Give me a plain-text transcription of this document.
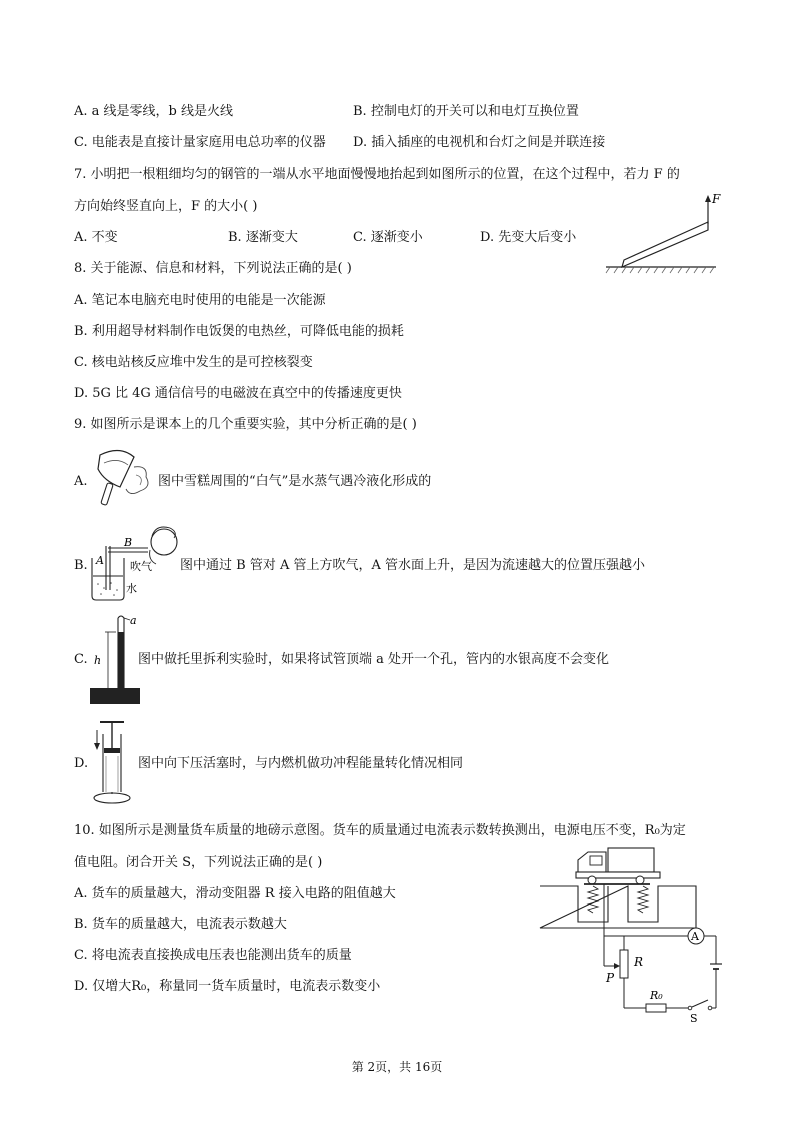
A. a 线是零线，b 线是火线	B. 控制电灯的开关可以和电灯互换位置
C. 电能表是直接计量家庭用电总功率的仪器 D. 插入插座的电视机和台灯之间是并联连接
7. 小明把一根粗细均匀的钢管的一端从水平地面慢慢地抬起到如图所示的位置，在这个过程中，若力 F 的
方向始终竖直向上，F 的大小( )
A. 不变	B. 逐渐变大	C. 逐渐变小	D. 先变大后变小
F
8. 关于能源、信息和材料，下列说法正确的是( )
A. 笔记本电脑充电时使用的电能是一次能源
B. 利用超导材料制作电饭煲的电热丝，可降低电能的损耗
C. 核电站核反应堆中发生的是可控核裂变
D. 5G 比 4G 通信信号的电磁波在真空中的传播速度更快
9. 如图所示是课本上的几个重要实验，其中分析正确的是( )
A.	图中雪糕周围的“白气”是水蒸气遇冷液化形成的
B. A
B
吹气
水
图中通过 B 管对 A 管上方吹气，A 管水面上升，是因为流速越大的位置压强越小
C. h
a
图中做托里拆利实验时，如果将试管顶端 a 处开一个孔，管内的水银高度不会变化
D.	图中向下压活塞时，与内燃机做功冲程能量转化情况相同
10. 如图所示是测量货车质量的地磅示意图。货车的质量通过电流表示数转换测出，电源电压不变，R₀为定
值电阻。闭合开关 S，下列说法正确的是( )
A. 货车的质量越大，滑动变阻器 R 接入电路的阻值越大
B. 货车的质量越大，电流表示数越大
C. 将电流表直接换成电压表也能测出货车的质量
D. 仅增大R₀，称量同一货车质量时，电流表示数变小
A
R
P
R₀
S
第 2页，共 16页
